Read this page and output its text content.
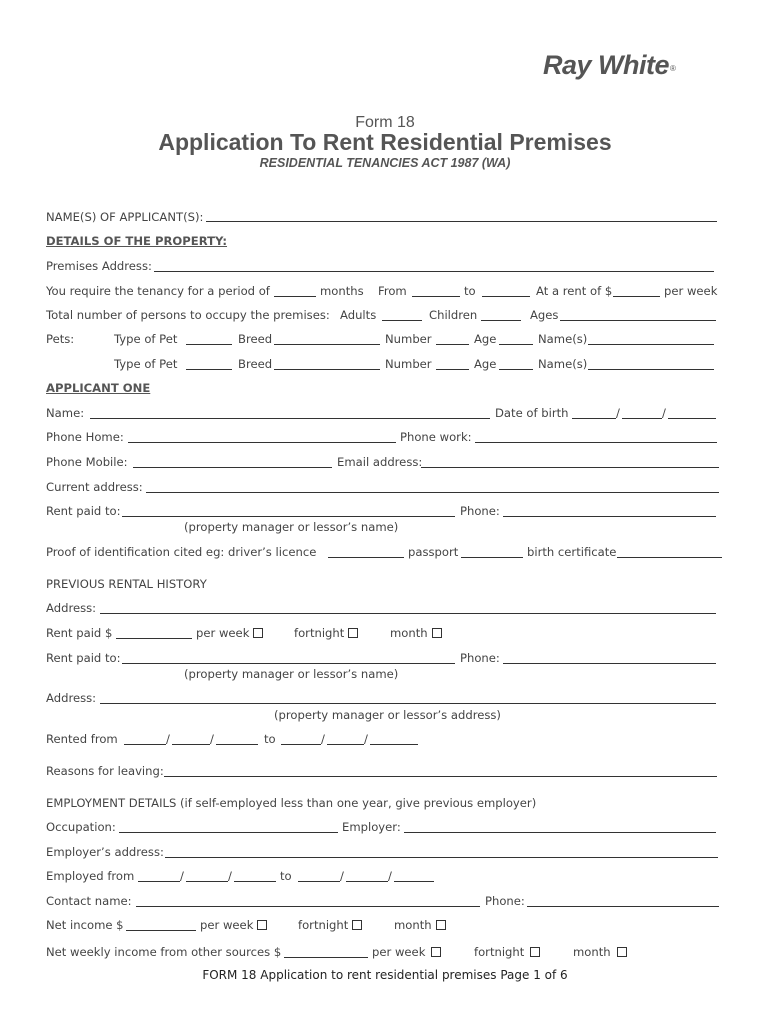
Ray White®
Form 18
Application To Rent Residential Premises
RESIDENTIAL TENANCIES ACT 1987 (WA)
NAME(S) OF APPLICANT(S):
DETAILS OF THE PROPERTY:
Premises Address:
You require the tenancy for a period of	months From	to	At a rent of $	per week
Total number of persons to occupy the premises: Adults	Children	Ages
Pets:	Type of Pet	Breed	Number	Age	Name(s)
Type of Pet	Breed	Number	Age	Name(s)
APPLICANT ONE
Name:	Date of birth	/	/
Phone Home:	Phone work:
Phone Mobile:	Email address:
Current address:
Rent paid to:	Phone:
(property manager or lessor’s name)
Proof of identification cited eg: driver’s licence	passport	birth certificate
PREVIOUS RENTAL HISTORY
Address:
Rent paid $	per week	fortnight	month
Rent paid to:	Phone:
(property manager or lessor’s name)
Address:
(property manager or lessor’s address)
Rented from	/	/	to	/	/
Reasons for leaving:
EMPLOYMENT DETAILS (if self-employed less than one year, give previous employer)
Occupation:	Employer:
Employer’s address:
Employed from	/	/	to	/	/
Contact name:	Phone:
Net income $	per week	fortnight	month
Net weekly income from other sources $	per week	fortnight	month
FORM 18 Application to rent residential premises Page 1 of 6
